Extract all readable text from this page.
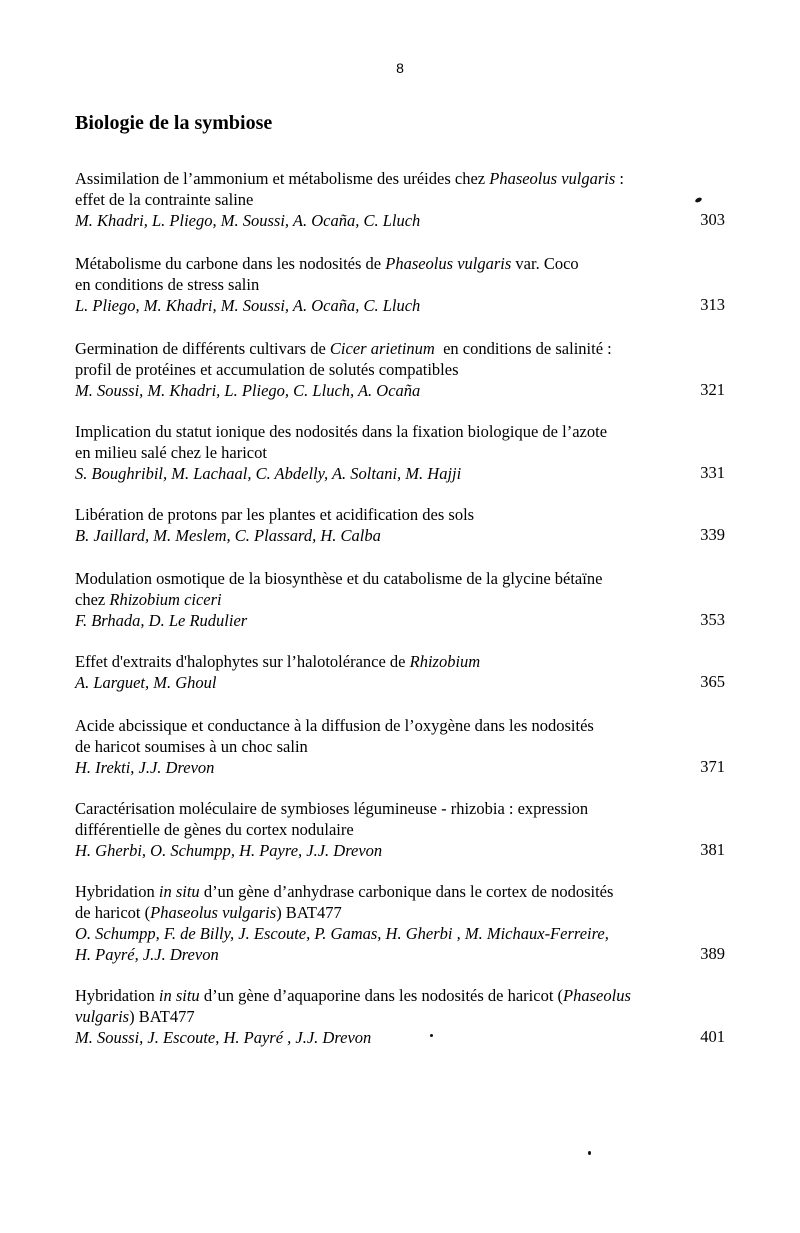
8
Biologie de la symbiose
Assimilation de l’ammonium et métabolisme des uréides chez Phaseolus vulgaris :
effet de la contrainte saline
M. Khadri, L. Pliego, M. Soussi, A. Ocaña, C. Lluch	303
Métabolisme du carbone dans les nodosités de Phaseolus vulgaris var. Coco
en conditions de stress salin
L. Pliego, M. Khadri, M. Soussi, A. Ocaña, C. Lluch	313
Germination de différents cultivars de Cicer arietinum  en conditions de salinité :
profil de protéines et accumulation de solutés compatibles
M. Soussi, M. Khadri, L. Pliego, C. Lluch, A. Ocaña	321
Implication du statut ionique des nodosités dans la fixation biologique de l’azote
en milieu salé chez le haricot
S. Boughribil, M. Lachaal, C. Abdelly, A. Soltani, M. Hajji	331
Libération de protons par les plantes et acidification des sols
B. Jaillard, M. Meslem, C. Plassard, H. Calba	339
Modulation osmotique de la biosynthèse et du catabolisme de la glycine bétaïne
chez Rhizobium ciceri
F. Brhada, D. Le Rudulier	353
Effet d'extraits d'halophytes sur l’halotolérance de Rhizobium
A. Larguet, M. Ghoul	365
Acide abcissique et conductance à la diffusion de l’oxygène dans les nodosités
de haricot soumises à un choc salin
H. Irekti, J.J. Drevon	371
Caractérisation moléculaire de symbioses légumineuse - rhizobia : expression
différentielle de gènes du cortex nodulaire
H. Gherbi, O. Schumpp, H. Payre, J.J. Drevon	381
Hybridation in situ d’un gène d’anhydrase carbonique dans le cortex de nodosités
de haricot (Phaseolus vulgaris) BAT477
O. Schumpp, F. de Billy, J. Escoute, P. Gamas, H. Gherbi , M. Michaux-Ferreire,
H. Payré, J.J. Drevon	389
Hybridation in situ d’un gène d’aquaporine dans les nodosités de haricot (Phaseolus
vulgaris) BAT477
M. Soussi, J. Escoute, H. Payré , J.J. Drevon	401
